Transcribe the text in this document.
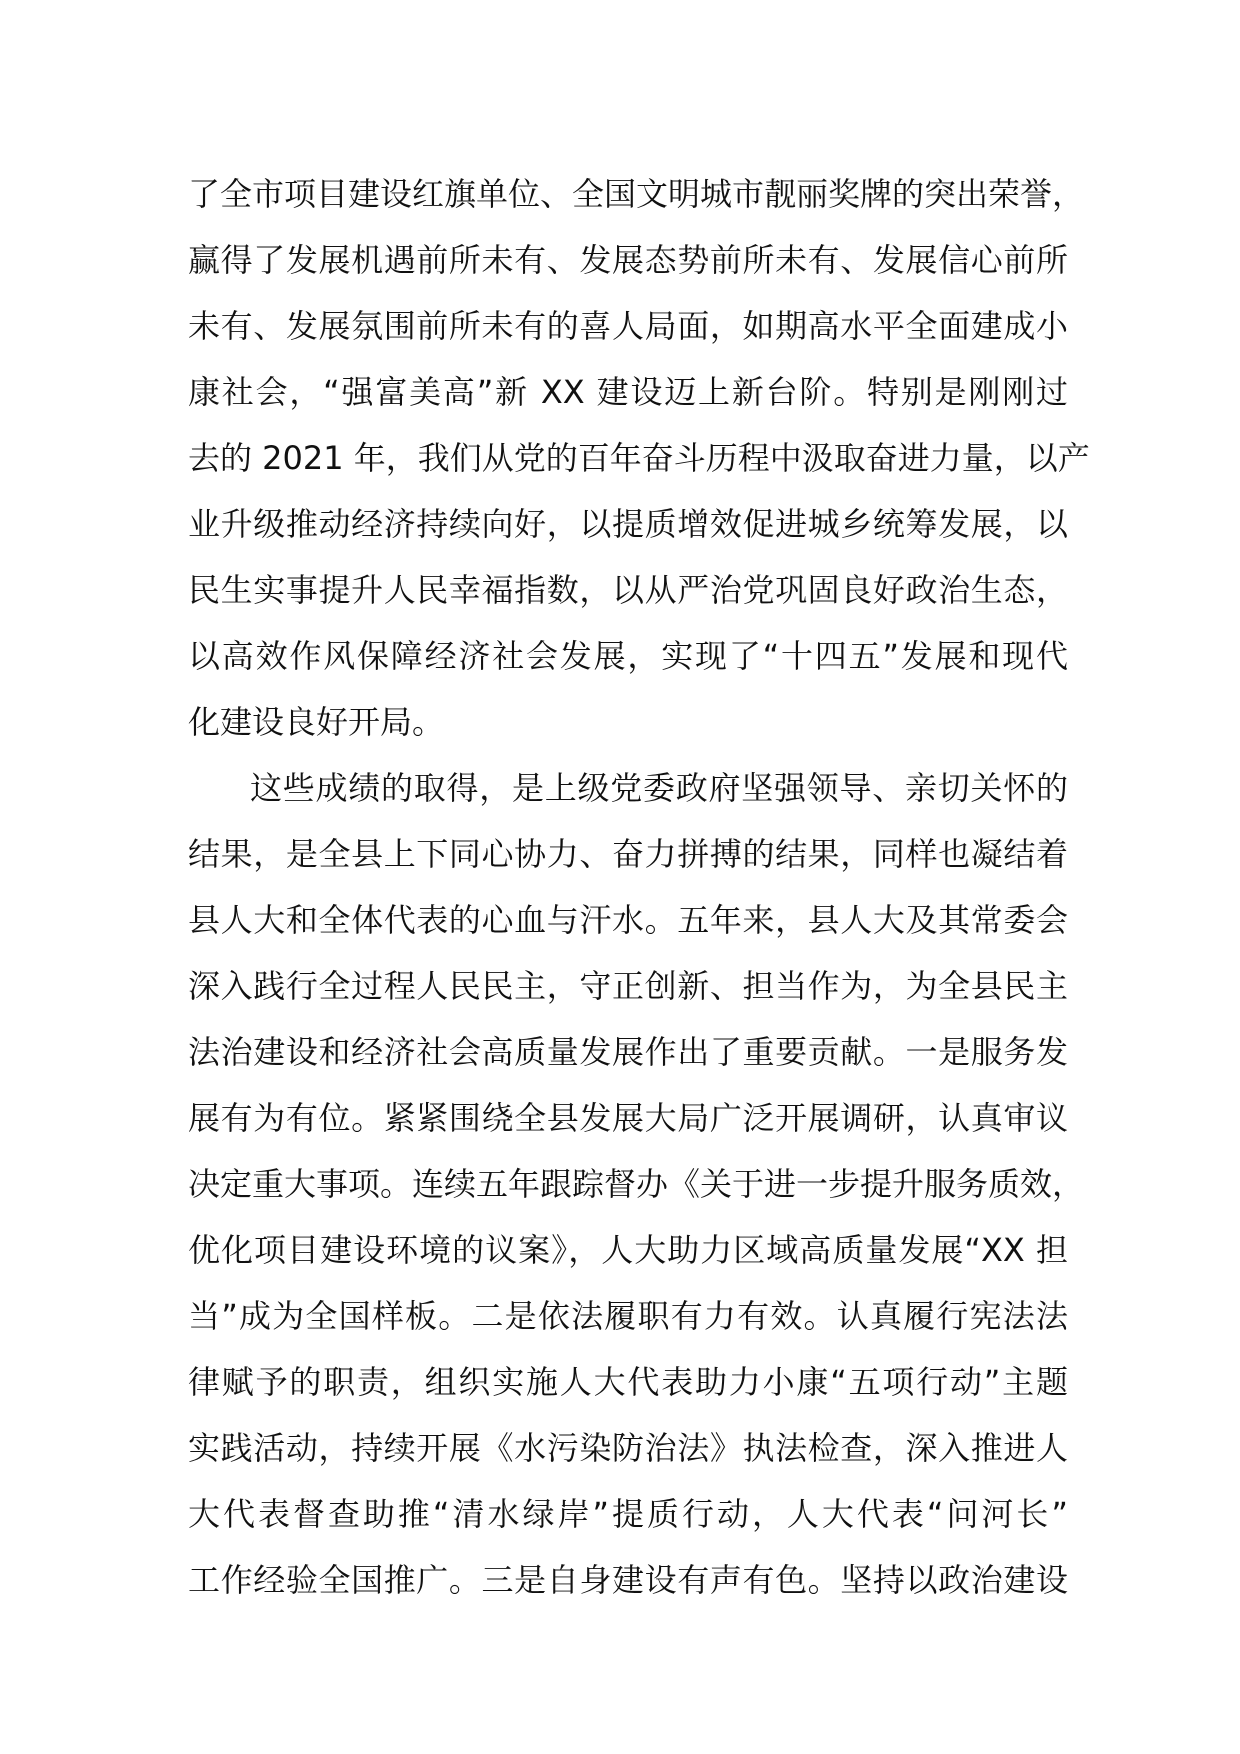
了全市项目建设红旗单位、全国文明城市靓丽奖牌的突出荣誉，
赢得了发展机遇前所未有、发展态势前所未有、发展信心前所
未有、发展氛围前所未有的喜人局面，如期高水平全面建成小
康社会，“强富美高”新 XX 建设迈上新台阶。特别是刚刚过
去的 2021 年，我们从党的百年奋斗历程中汲取奋进力量，以产
业升级推动经济持续向好，以提质增效促进城乡统筹发展，以
民生实事提升人民幸福指数，以从严治党巩固良好政治生态，
以高效作风保障经济社会发展，实现了“十四五”发展和现代
化建设良好开局。
这些成绩的取得，是上级党委政府坚强领导、亲切关怀的
结果，是全县上下同心协力、奋力拼搏的结果，同样也凝结着
县人大和全体代表的心血与汗水。五年来，县人大及其常委会
深入践行全过程人民民主，守正创新、担当作为，为全县民主
法治建设和经济社会高质量发展作出了重要贡献。一是服务发
展有为有位。紧紧围绕全县发展大局广泛开展调研，认真审议
决定重大事项。连续五年跟踪督办《关于进一步提升服务质效，
优化项目建设环境的议案》，人大助力区域高质量发展“XX 担
当”成为全国样板。二是依法履职有力有效。认真履行宪法法
律赋予的职责，组织实施人大代表助力小康“五项行动”主题
实践活动，持续开展《水污染防治法》执法检查，深入推进人
大代表督查助推“清水绿岸”提质行动，人大代表“问河长”
工作经验全国推广。三是自身建设有声有色。坚持以政治建设
